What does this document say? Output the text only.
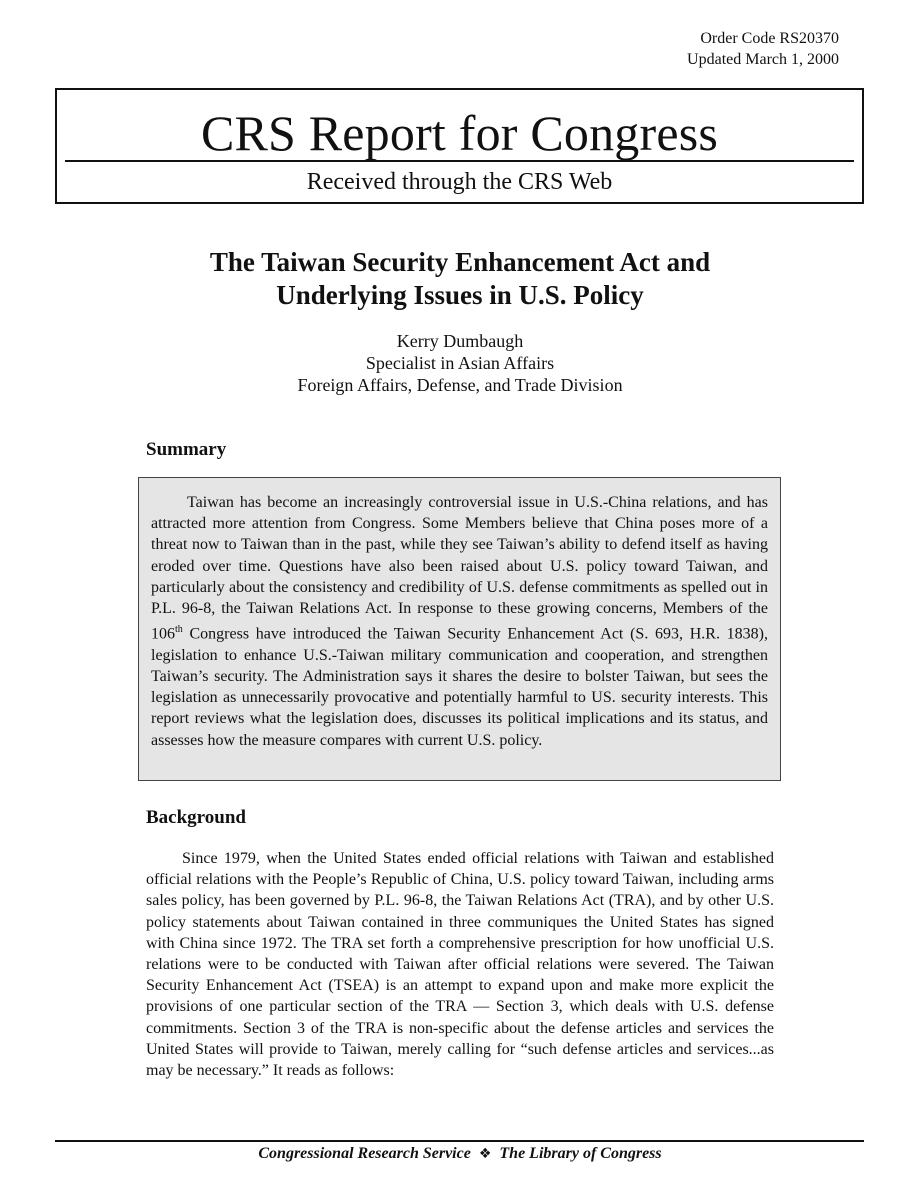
Order Code RS20370
Updated March 1, 2000
CRS Report for Congress
Received through the CRS Web
The Taiwan Security Enhancement Act and
Underlying Issues in U.S. Policy
Kerry Dumbaugh
Specialist in Asian Affairs
Foreign Affairs, Defense, and Trade Division
Summary

Taiwan has become an increasingly controversial issue in U.S.-China relations, and has attracted more attention from Congress. Some Members believe that China poses more of a threat now to Taiwan than in the past, while they see Taiwan’s ability to defend itself as having eroded over time. Questions have also been raised about U.S. policy toward Taiwan, and particularly about the consistency and credibility of U.S. defense commitments as spelled out in P.L. 96-8, the Taiwan Relations Act. In response to these growing concerns, Members of the 106th Congress have introduced the Taiwan Security Enhancement Act (S. 693, H.R. 1838), legislation to enhance U.S.-Taiwan military communication and cooperation, and strengthen Taiwan’s security. The Administration says it shares the desire to bolster Taiwan, but sees the legislation as unnecessarily provocative and potentially harmful to US. security interests. This report reviews what the legislation does, discusses its political implications and its status, and assesses how the measure compares with current U.S. policy.

Background

Since 1979, when the United States ended official relations with Taiwan and established official relations with the People’s Republic of China, U.S. policy toward Taiwan, including arms sales policy, has been governed by P.L. 96-8, the Taiwan Relations Act (TRA), and by other U.S. policy statements about Taiwan contained in three communiques the United States has signed with China since 1972. The TRA set forth a comprehensive prescription for how unofficial U.S. relations were to be conducted with Taiwan after official relations were severed. The Taiwan Security Enhancement Act (TSEA) is an attempt to expand upon and make more explicit the provisions of one particular section of the TRA — Section 3, which deals with U.S. defense commitments. Section 3 of the TRA is non-specific about the defense articles and services the United States will provide to Taiwan, merely calling for “such defense articles and services...as may be necessary.” It reads as follows:

Congressional Research Service ❖ The Library of Congress
